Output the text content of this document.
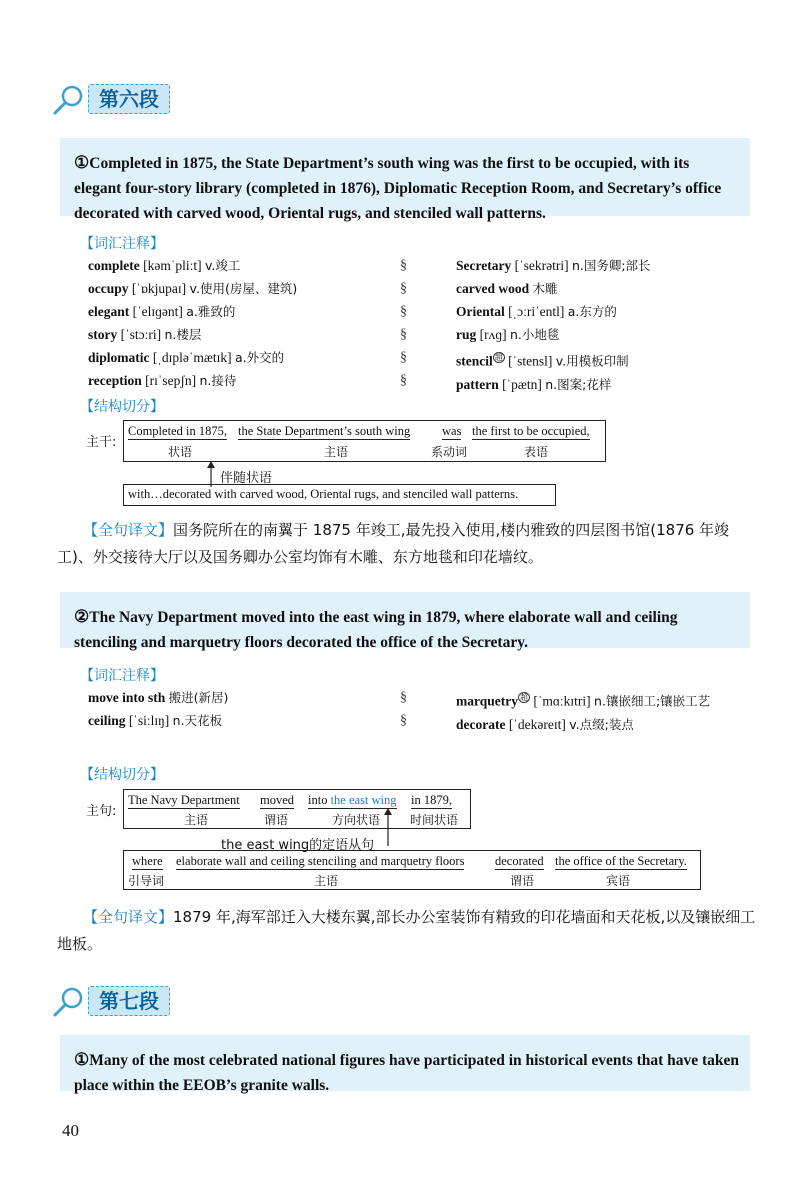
第六段
①Completed in 1875, the State Department’s south wing was the first to be occupied, with its elegant four-story library (completed in 1876), Diplomatic Reception Room, and Secretary’s office decorated with carved wood, Oriental rugs, and stenciled wall patterns.
【词汇注释】
complete [kəmˈpliːt] v.竣工
occupy [ˈɒkjupaɪ] v.使用(房屋、建筑)
elegant [ˈelɪɡənt] a.雅致的
story [ˈstɔːri] n.楼层
diplomatic [ˌdɪpləˈmætɪk] a.外交的
reception [rɪˈsepʃn] n.接待
§
§
§
§
§
§
Secretary [ˈsekrətri] n.国务卿;部长
carved wood 木雕
Oriental [ˌɔːriˈentl] a.东方的
rug [rʌɡ] n.小地毯
stencil $^超$ [ˈstensl] v.用模板印制
pattern [ˈpætn] n.图案;花样
【结构切分】
主干:
Completed in 1875,
状语
the State Department’s south wing
主语
was
系动词
the first to be occupied,
表语
伴随状语
with…decorated with carved wood, Oriental rugs, and stenciled wall patterns.
【全句译文】国务院所在的南翼于 1875 年竣工,最先投入使用,楼内雅致的四层图书馆(1876 年竣工)、外交接待大厅以及国务卿办公室均饰有木雕、东方地毯和印花墙纹。
②The Navy Department moved into the east wing in 1879, where elaborate wall and ceiling stenciling and marquetry floors decorated the office of the Secretary.
【词汇注释】
move into sth 搬进(新居)
ceiling [ˈsiːlɪŋ] n.天花板
§
§
marquetry $^超$ [ˈmɑːkɪtri] n.镶嵌细工;镶嵌工艺
decorate [ˈdekəreɪt] v.点缀;装点
【结构切分】
主句:
The Navy Department
主语
moved
谓语
into the east wing
方向状语
in 1879,
时间状语
the east wing的定语从句
where
引导词
elaborate wall and ceiling stenciling and marquetry floors
主语
decorated
谓语
the office of the Secretary.
宾语
【全句译文】1879 年,海军部迁入大楼东翼,部长办公室装饰有精致的印花墙面和天花板,以及镶嵌细工地板。
第七段
①Many of the most celebrated national figures have participated in historical events that have taken place within the EEOB’s granite walls.
40
